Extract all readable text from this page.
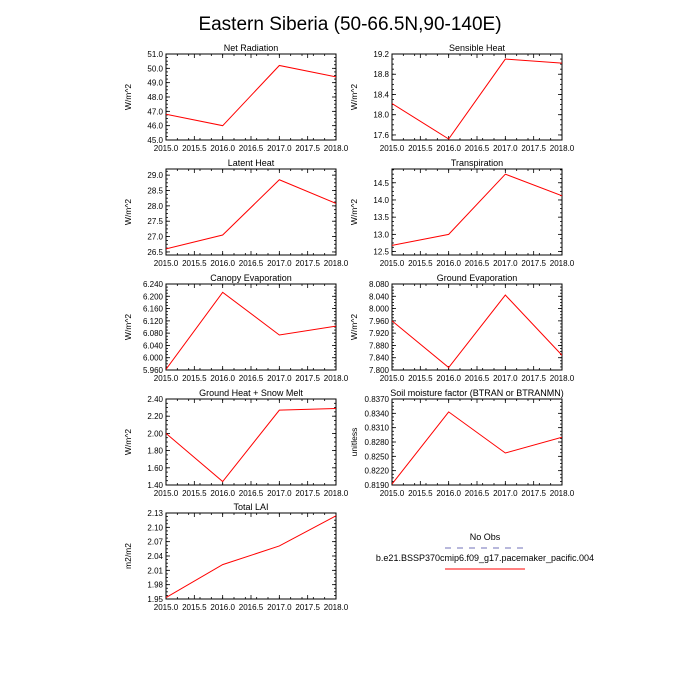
Eastern Siberia (50-66.5N,90-140E)
Net Radiation
2015.0 2015.5 2016.0 2016.5 2017.0 2017.5 2018.0
45.0
46.0
47.0
48.0
49.0
50.0
51.0
W/m^2
Sensible Heat
2015.0 2015.5 2016.0 2016.5 2017.0 2017.5 2018.0
17.6
18.0
18.4
18.8
19.2
W/m^2
Latent Heat
2015.0 2015.5 2016.0 2016.5 2017.0 2017.5 2018.0
26.5
27.0
27.5
28.0
28.5
29.0
W/m^2
Transpiration
2015.0 2015.5 2016.0 2016.5 2017.0 2017.5 2018.0
12.5
13.0
13.5
14.0
14.5
W/m^2
Canopy Evaporation
2015.0 2015.5 2016.0 2016.5 2017.0 2017.5 2018.0
5.960
6.000
6.040
6.080
6.120
6.160
6.200
6.240
W/m^2
Ground Evaporation
2015.0 2015.5 2016.0 2016.5 2017.0 2017.5 2018.0
7.800
7.840
7.880
7.920
7.960
8.000
8.040
8.080
W/m^2
Ground Heat + Snow Melt
2015.0 2015.5 2016.0 2016.5 2017.0 2017.5 2018.0
1.40
1.60
1.80
2.00
2.20
2.40
W/m^2
Soil moisture factor (BTRAN or BTRANMN)
2015.0 2015.5 2016.0 2016.5 2017.0 2017.5 2018.0
0.8190
0.8220
0.8250
0.8280
0.8310
0.8340
0.8370
unitless
Total LAI
2015.0 2015.5 2016.0 2016.5 2017.0 2017.5 2018.0
1.95
1.98
2.01
2.04
2.07
2.10
2.13
m2/m2
No Obs
b.e21.BSSP370cmip6.f09_g17.pacemaker_pacific.004
